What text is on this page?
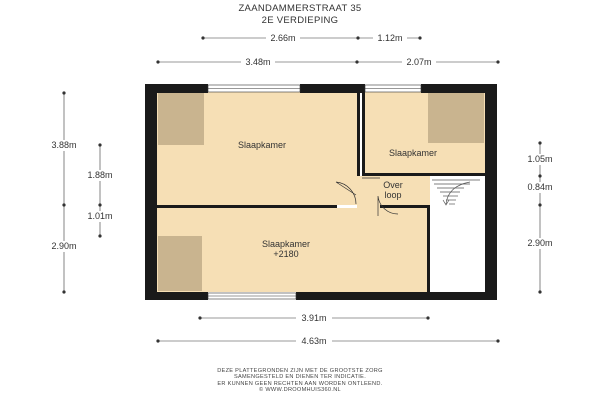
ZAANDAMMERSTRAAT 35
2E VERDIEPING
2.66m	1.12m
3.48m	2.07m
3.88m
2.90m
1.88m
1.01m
1.05m
0.84m
2.90m
3.91m
4.63m
Slaapkamer
Slaapkamer
Over
loop
Slaapkamer
+2180
DEZE PLATTEGRONDEN ZIJN MET DE GROOTSTE ZORG
SAMENGESTELD EN DIENEN TER INDICATIE.
ER KUNNEN GEEN RECHTEN AAN WORDEN ONTLEEND.
© WWW.DROOMHUIS360.NL
